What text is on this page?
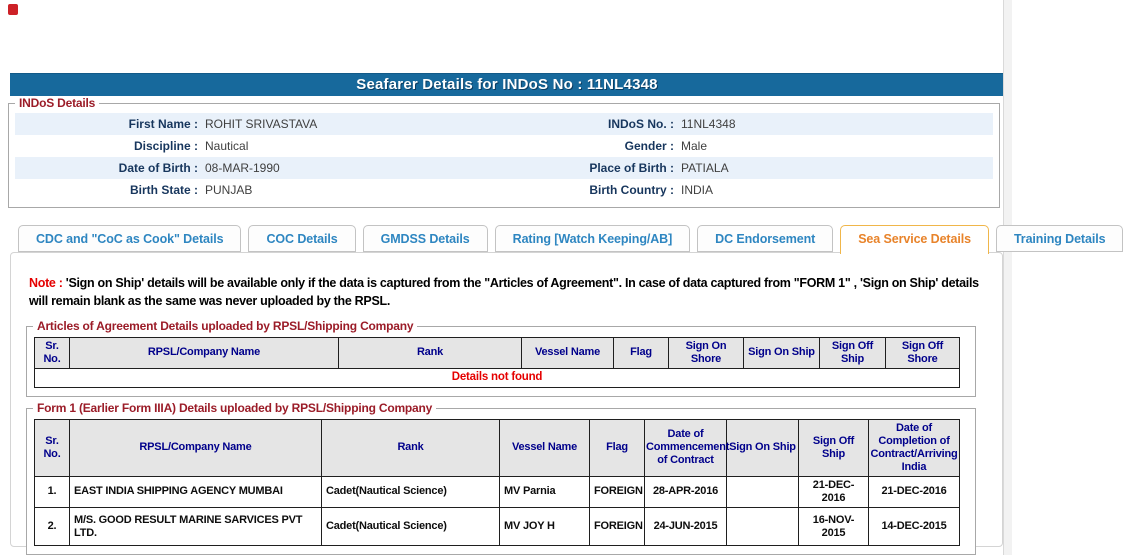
Seafarer Details for INDoS No : 11NL4348
INDoS Details
First Name : ROHIT SRIVASTAVA	INDoS No. : 11NL4348
Discipline : Nautical	Gender : Male
Date of Birth : 08-MAR-1990	Place of Birth : PATIALA
Birth State : PUNJAB	Birth Country : INDIA
CDC and "CoC as Cook" Details	COC Details	GMDSS Details	Rating [Watch Keeping/AB]	DC Endorsement	Sea Service Details	Training Details
Note : 'Sign on Ship' details will be available only if the data is captured from the "Articles of Agreement". In case of data captured from "FORM 1" , 'Sign on Ship' details will remain blank as the same was never uploaded by the RPSL.
Articles of Agreement Details uploaded by RPSL/Shipping Company
Sr. No.	RPSL/Company Name	Rank	Vessel Name	Flag	Sign On Shore	Sign On Ship	Sign Off Ship	Sign Off Shore
Details not found
Form 1 (Earlier Form IIIA) Details uploaded by RPSL/Shipping Company
Sr. No.	RPSL/Company Name	Rank	Vessel Name	Flag	Date of Commencement of Contract	Sign On Ship	Sign Off Ship	Date of Completion of Contract/Arriving India
1.	EAST INDIA SHIPPING AGENCY MUMBAI	Cadet(Nautical Science)	MV Parnia	FOREIGN	28-APR-2016		21-DEC-2016	21-DEC-2016
2.	M/S. GOOD RESULT MARINE SARVICES PVT LTD.	Cadet(Nautical Science)	MV JOY H	FOREIGN	24-JUN-2015		16-NOV-2015	14-DEC-2015
